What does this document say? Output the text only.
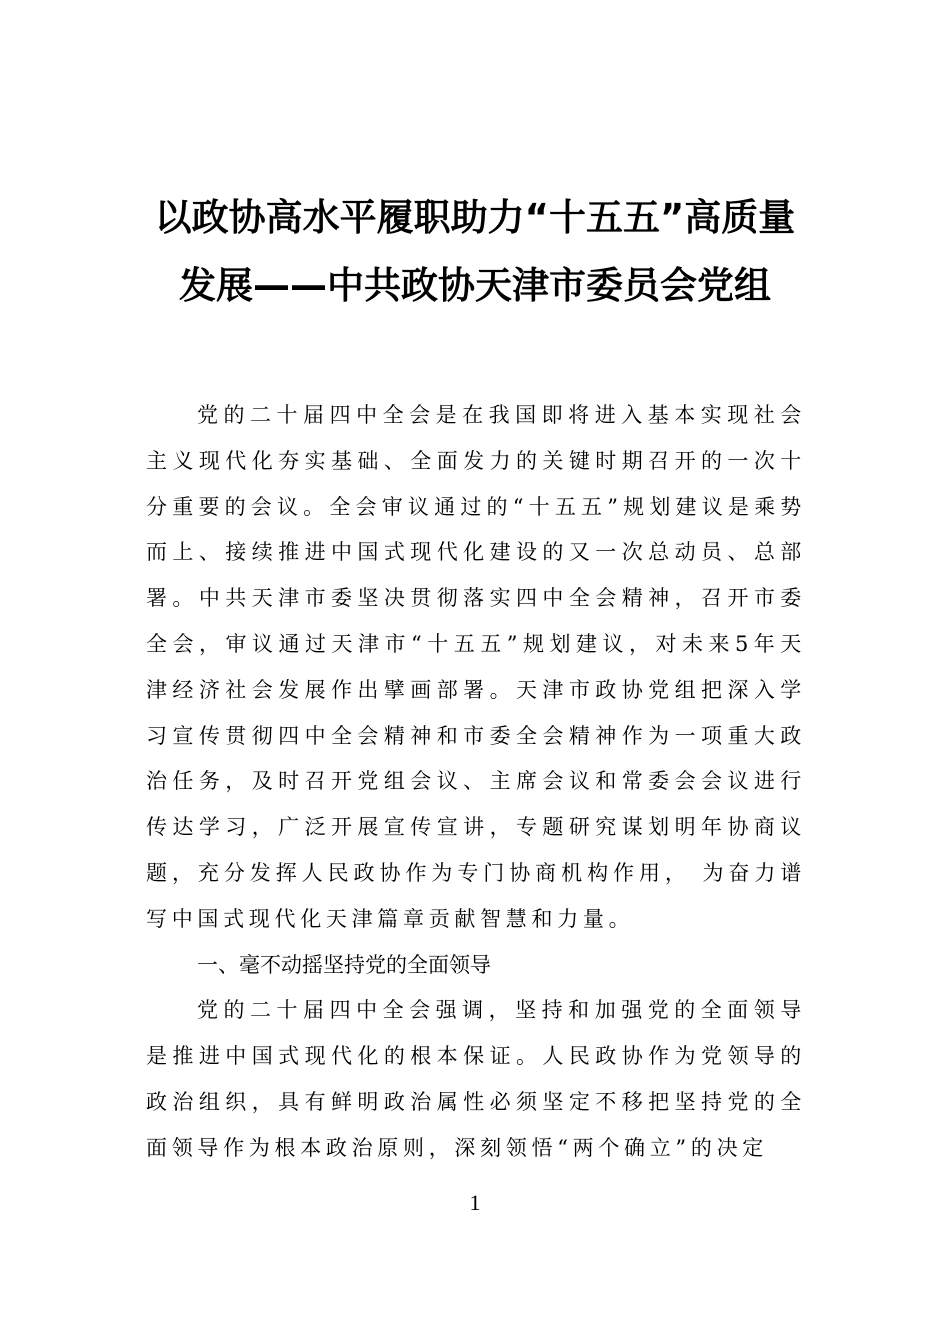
以政协高水平履职助力“十五五”高质量
发展——中共政协天津市委员会党组

党的二十届四中全会是在我国即将进入基本实现社会主义现代化夯实基础、全面发力的关键时期召开的一次十分重要的会议。全会审议通过的“十五五”规划建议是乘势而上、接续推进中国式现代化建设的又一次总动员、总部署。中共天津市委坚决贯彻落实四中全会精神，召开市委全会，审议通过天津市“十五五”规划建议，对未来5年天津经济社会发展作出擘画部署。天津市政协党组把深入学习宣传贯彻四中全会精神和市委全会精神作为一项重大政治任务，及时召开党组会议、主席会议和常委会会议进行传达学习，广泛开展宣传宣讲，专题研究谋划明年协商议题，充分发挥人民政协作为专门协商机构作用， 为奋力谱写中国式现代化天津篇章贡献智慧和力量。

一、毫不动摇坚持党的全面领导

党的二十届四中全会强调，坚持和加强党的全面领导是推进中国式现代化的根本保证。人民政协作为党领导的政治组织，具有鲜明政治属性必须坚定不移把坚持党的全面领导作为根本政治原则，深刻领悟“两个确立”的决定

1
